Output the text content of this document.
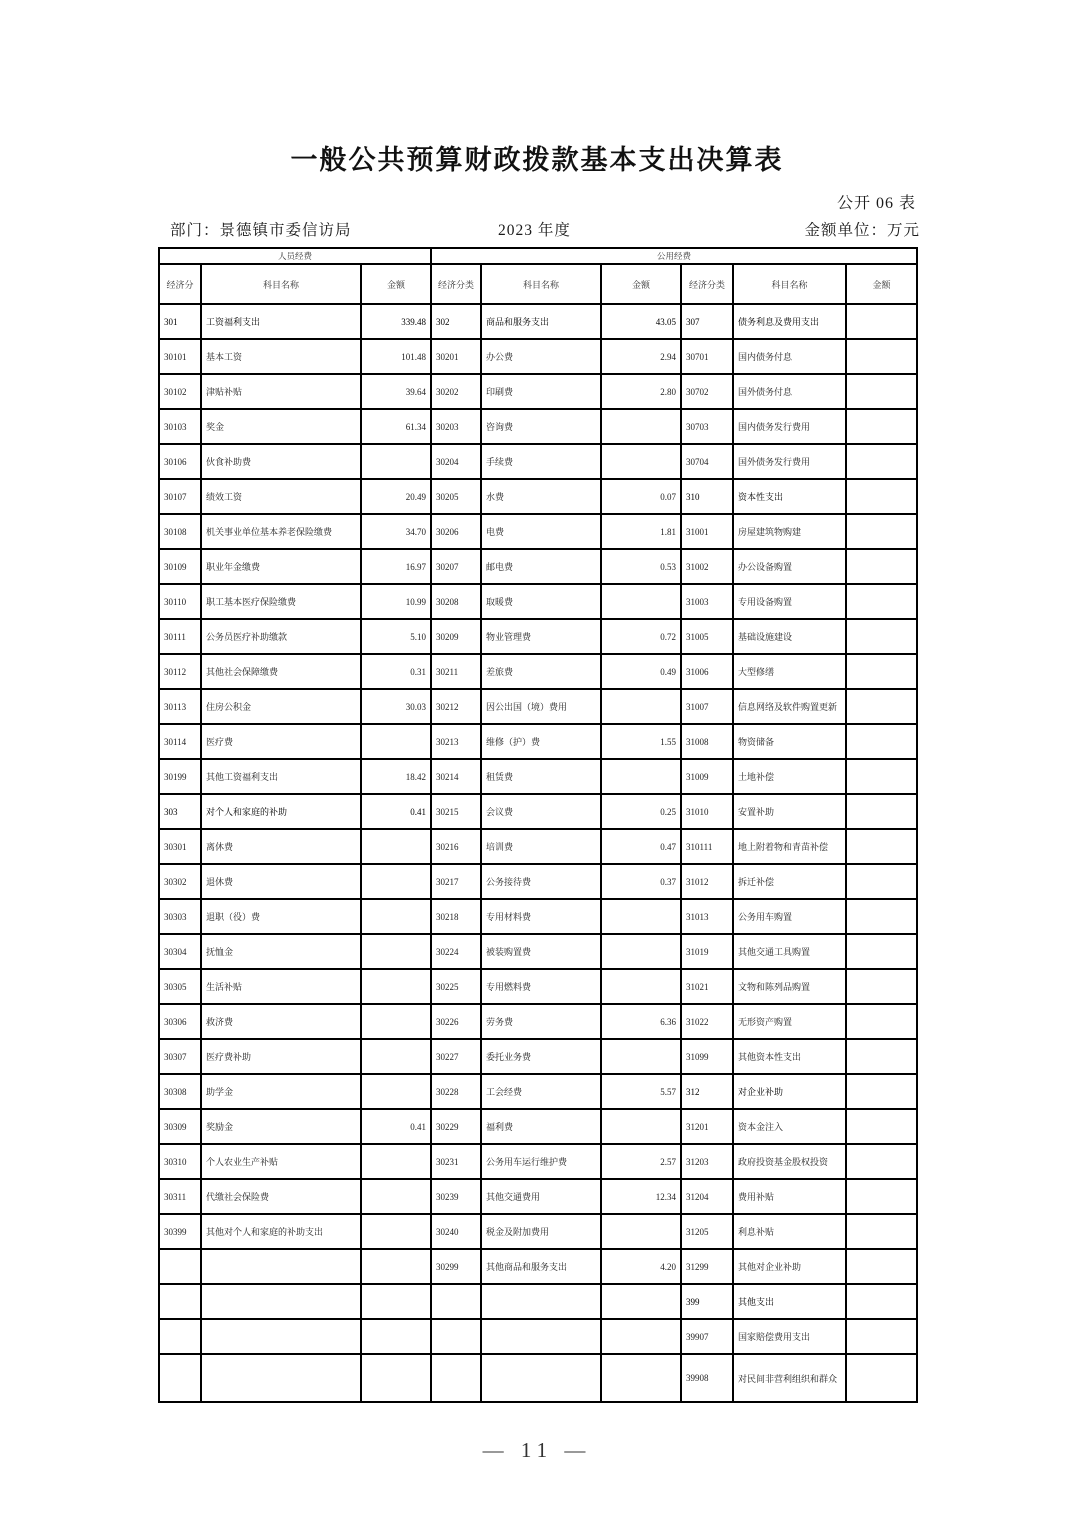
一般公共预算财政拨款基本支出决算表
公开 06 表
部门：景德镇市委信访局	2023 年度	金额单位：万元
人员经费			公用经费					
经济分	科目名称	金额	经济分类	科目名称	金额	经济分类	科目名称	金额
301	工资福利支出	339.48	302	商品和服务支出	43.05	307	债务利息及费用支出	
30101	基本工资	101.48	30201	办公费	2.94	30701	国内债务付息	
30102	津贴补贴	39.64	30202	印刷费	2.80	30702	国外债务付息	
30103	奖金	61.34	30203	咨询费		30703	国内债务发行费用	
30106	伙食补助费		30204	手续费		30704	国外债务发行费用	
30107	绩效工资	20.49	30205	水费	0.07	310	资本性支出	
30108	机关事业单位基本养老保险缴费	34.70	30206	电费	1.81	31001	房屋建筑物购建	
30109	职业年金缴费	16.97	30207	邮电费	0.53	31002	办公设备购置	
30110	职工基本医疗保险缴费	10.99	30208	取暖费		31003	专用设备购置	
30111	公务员医疗补助缴款	5.10	30209	物业管理费	0.72	31005	基础设施建设	
30112	其他社会保障缴费	0.31	30211	差旅费	0.49	31006	大型修缮	
30113	住房公积金	30.03	30212	因公出国（境）费用		31007	信息网络及软件购置更新	
30114	医疗费		30213	维修（护）费	1.55	31008	物资储备	
30199	其他工资福利支出	18.42	30214	租赁费		31009	土地补偿	
303	对个人和家庭的补助	0.41	30215	会议费	0.25	31010	安置补助	
30301	离休费		30216	培训费	0.47	310111	地上附着物和青苗补偿	
30302	退休费		30217	公务接待费	0.37	31012	拆迁补偿	
30303	退职（役）费		30218	专用材料费		31013	公务用车购置	
30304	抚恤金		30224	被装购置费		31019	其他交通工具购置	
30305	生活补贴		30225	专用燃料费		31021	文物和陈列品购置	
30306	救济费		30226	劳务费	6.36	31022	无形资产购置	
30307	医疗费补助		30227	委托业务费		31099	其他资本性支出	
30308	助学金		30228	工会经费	5.57	312	对企业补助	
30309	奖励金	0.41	30229	福利费		31201	资本金注入	
30310	个人农业生产补贴		30231	公务用车运行维护费	2.57	31203	政府投资基金股权投资	
30311	代缴社会保险费		30239	其他交通费用	12.34	31204	费用补贴	
30399	其他对个人和家庭的补助支出		30240	税金及附加费用		31205	利息补贴	
			30299	其他商品和服务支出	4.20	31299	其他对企业补助	
						399	其他支出	
						39907	国家赔偿费用支出	
						39908	对民间非营利组织和群众	
— 11 —
